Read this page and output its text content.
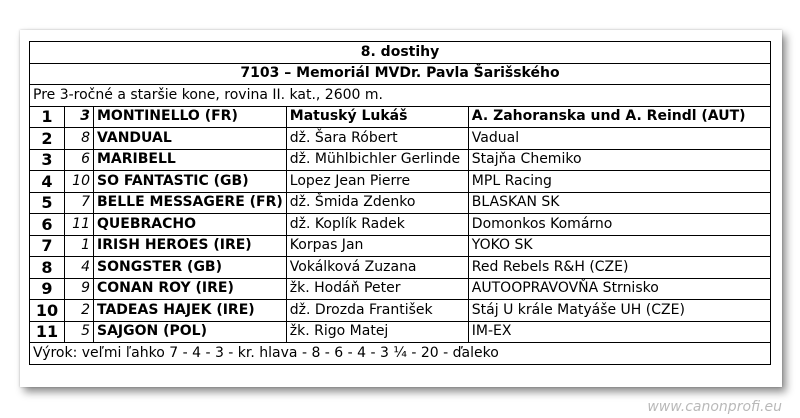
8. dostihy				
7103 – Memoriál MVDr. Pavla Šarišského				
Pre 3-ročné a staršie kone, rovina II. kat., 2600 m.				
1	3	MONTINELLO (FR)	Matuský Lukáš	A. Zahoranska und A. Reindl (AUT)
2	8	VANDUAL	dž. Šara Róbert	Vadual
3	6	MARIBELL	dž. Mühlbichler Gerlinde	Stajňa Chemiko
4	10	SO FANTASTIC (GB)	Lopez Jean Pierre	MPL Racing
5	7	BELLE MESSAGERE (FR)	dž. Šmida Zdenko	BLASKAN SK
6	11	QUEBRACHO	dž. Koplík Radek	Domonkos Komárno
7	1	IRISH HEROES (IRE)	Korpas Jan	YOKO SK
8	4	SONGSTER (GB)	Vokálková Zuzana	Red Rebels R&H (CZE)
9	9	CONAN ROY (IRE)	žk. Hodáň Peter	AUTOOPRAVOVŇA Strnisko
10	2	TADEAS HAJEK (IRE)	dž. Drozda František	Stáj U krále Matyáše UH (CZE)
11	5	SAJGON (POL)	žk. Rigo Matej	IM-EX
Výrok: veľmi ľahko 7 - 4 - 3 - kr. hlava - 8 - 6 - 4 - 3 ¼ - 20 - ďaleko				
www.canonprofi.eu
